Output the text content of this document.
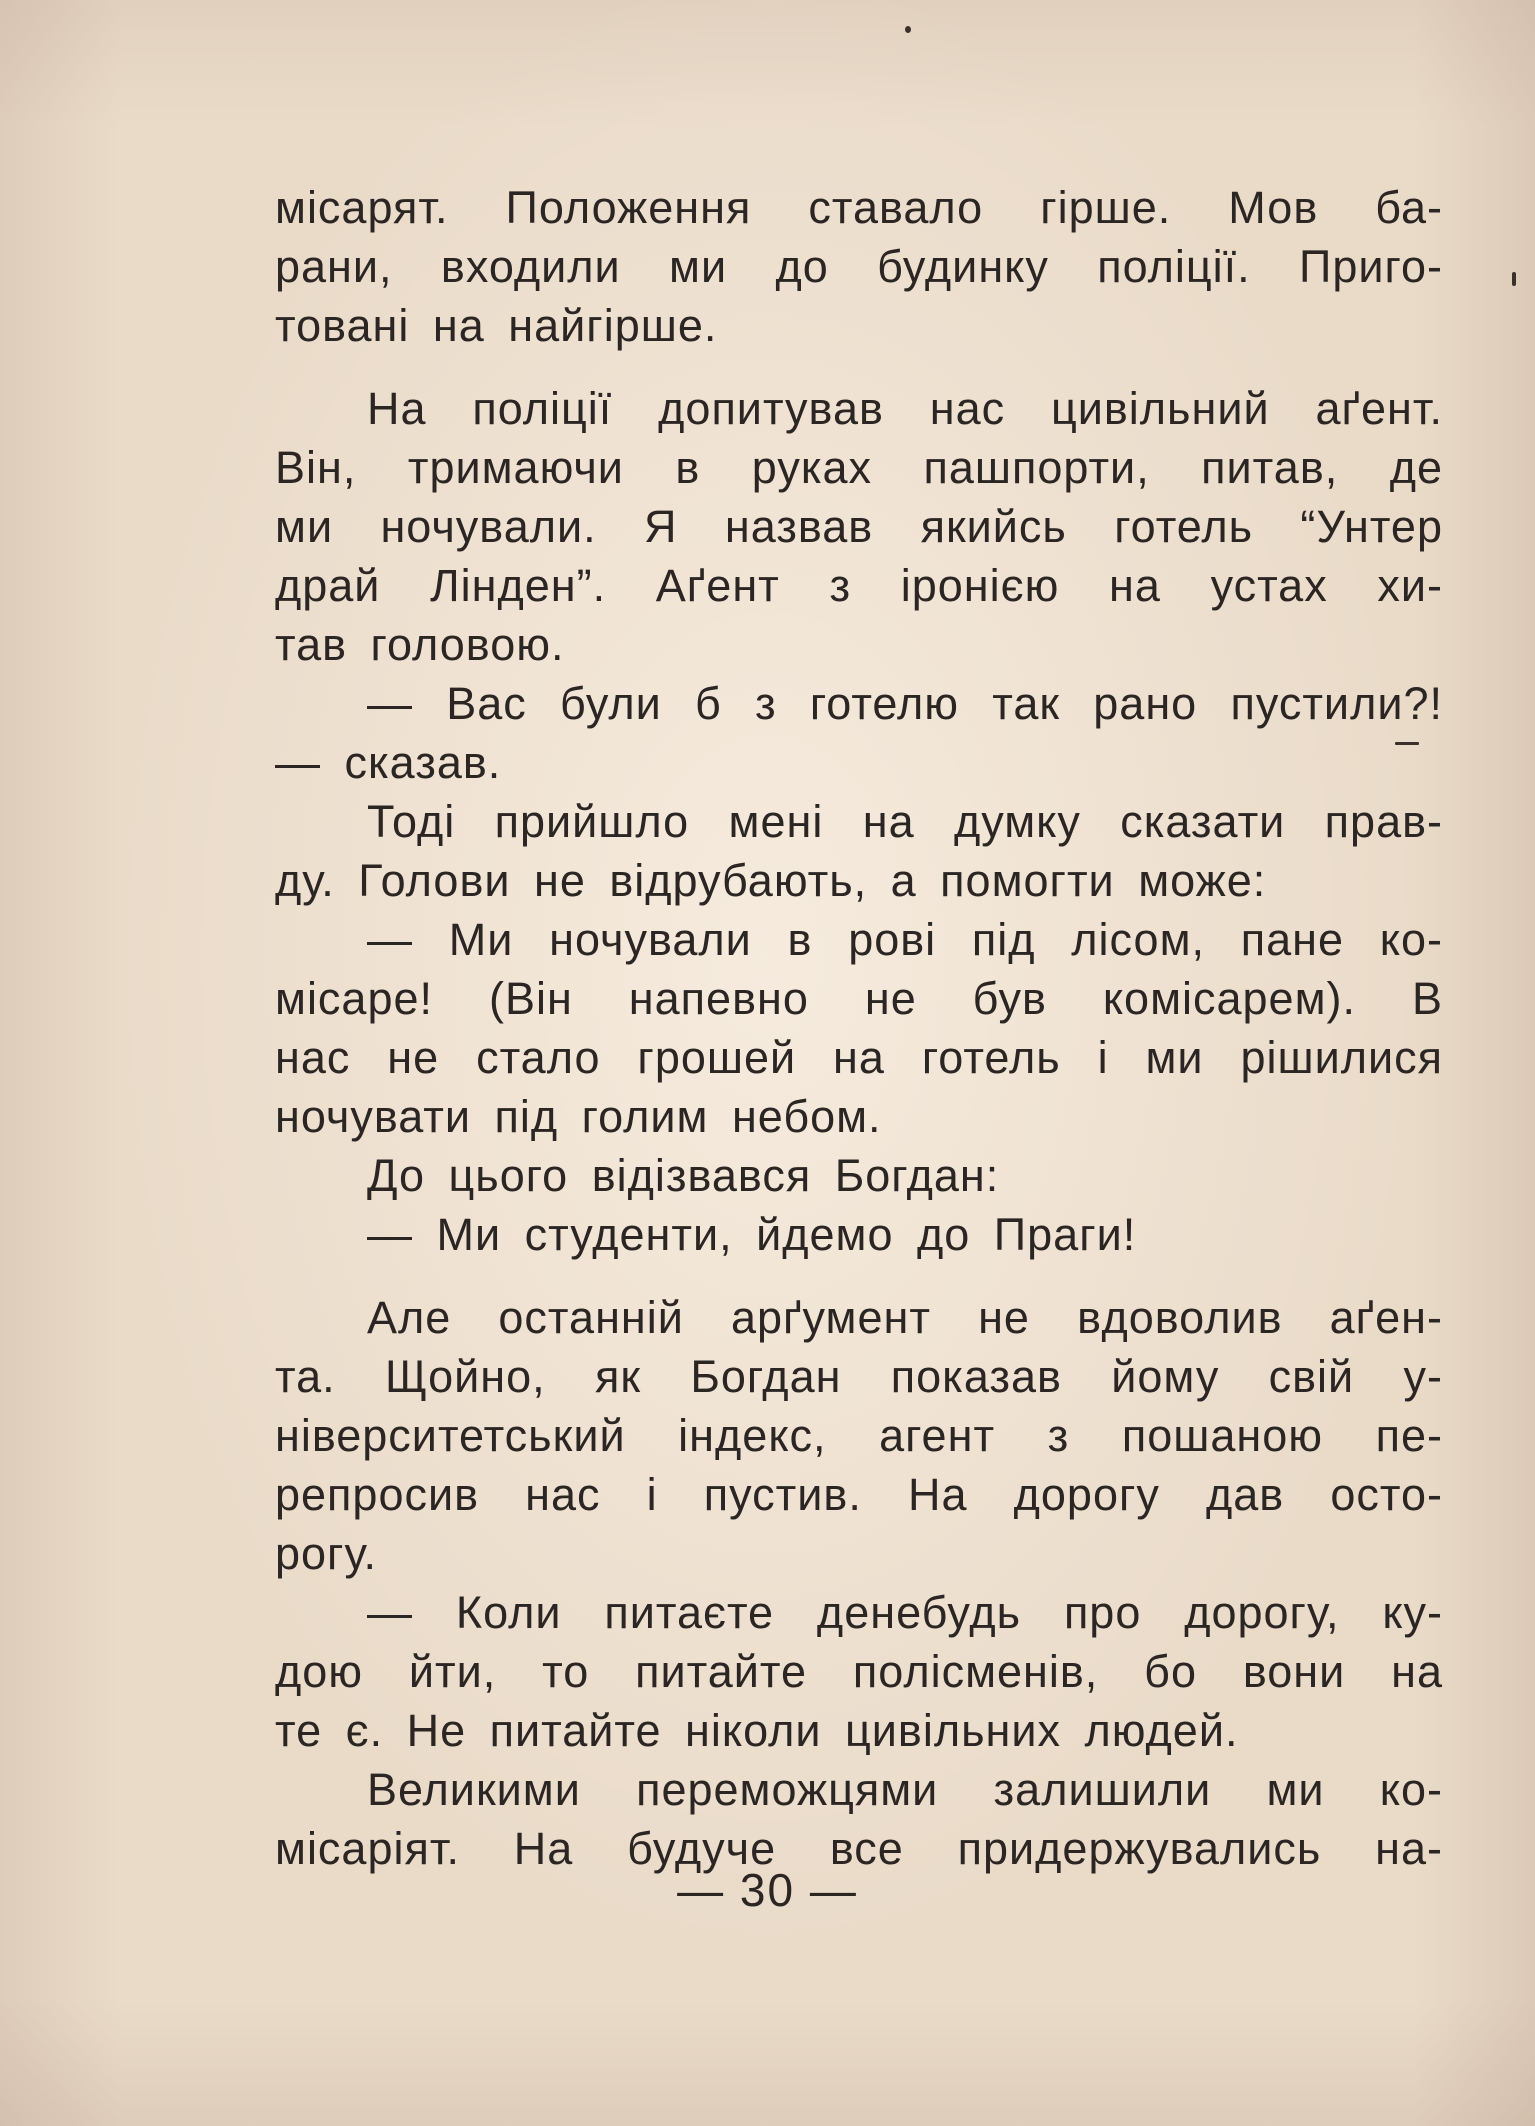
місарят. Положення ставало гірше. Мов ба-
рани, входили ми до будинку поліції. Приго-
товані на найгірше.
На поліції допитував нас цивільний аґент.
Він, тримаючи в руках пашпорти, питав, де
ми ночували. Я назвав якийсь готель “Унтер
драй Лінден”. Аґент з іронією на устах хи-
тав головою.
— Вас були б з готелю так рано пустили?!
— сказав.
Тоді прийшло мені на думку сказати прав-
ду. Голови не відрубають, а помогти може:
— Ми ночували в рові під лісом, пане ко-
місаре! (Він напевно не був комісарем). В
нас не стало грошей на готель і ми рішилися
ночувати під голим небом.
До цього відізвався Богдан:
— Ми студенти, йдемо до Праги!
Але останній арґумент не вдоволив аґен-
та. Щойно, як Богдан показав йому свій у-
ніверситетський індекс, агент з пошаною пе-
репросив нас і пустив. На дорогу дав осто-
рогу.
— Коли питаєте денебудь про дорогу, ку-
дою йти, то питайте полісменів, бо вони на
те є. Не питайте ніколи цивільних людей.
Великими переможцями залишили ми ко-
місаріят. На будуче все придержувались на-
— 30 —
